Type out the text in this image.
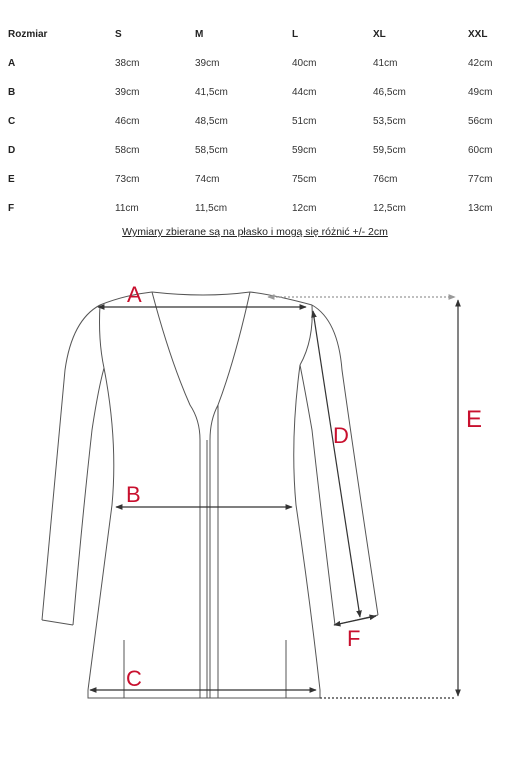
Rozmiar	S	M	L	XL	XXL
A	38cm	39cm	40cm	41cm	42cm
B	39cm	41,5cm	44cm	46,5cm	49cm
C	46cm	48,5cm	51cm	53,5cm	56cm
D	58cm	58,5cm	59cm	59,5cm	60cm
E	73cm	74cm	75cm	76cm	77cm
F	11cm	11,5cm	12cm	12,5cm	13cm
Wymiary zbierane są na płasko i mogą się różnić +/- 2cm
A
B
C
D
E
F
